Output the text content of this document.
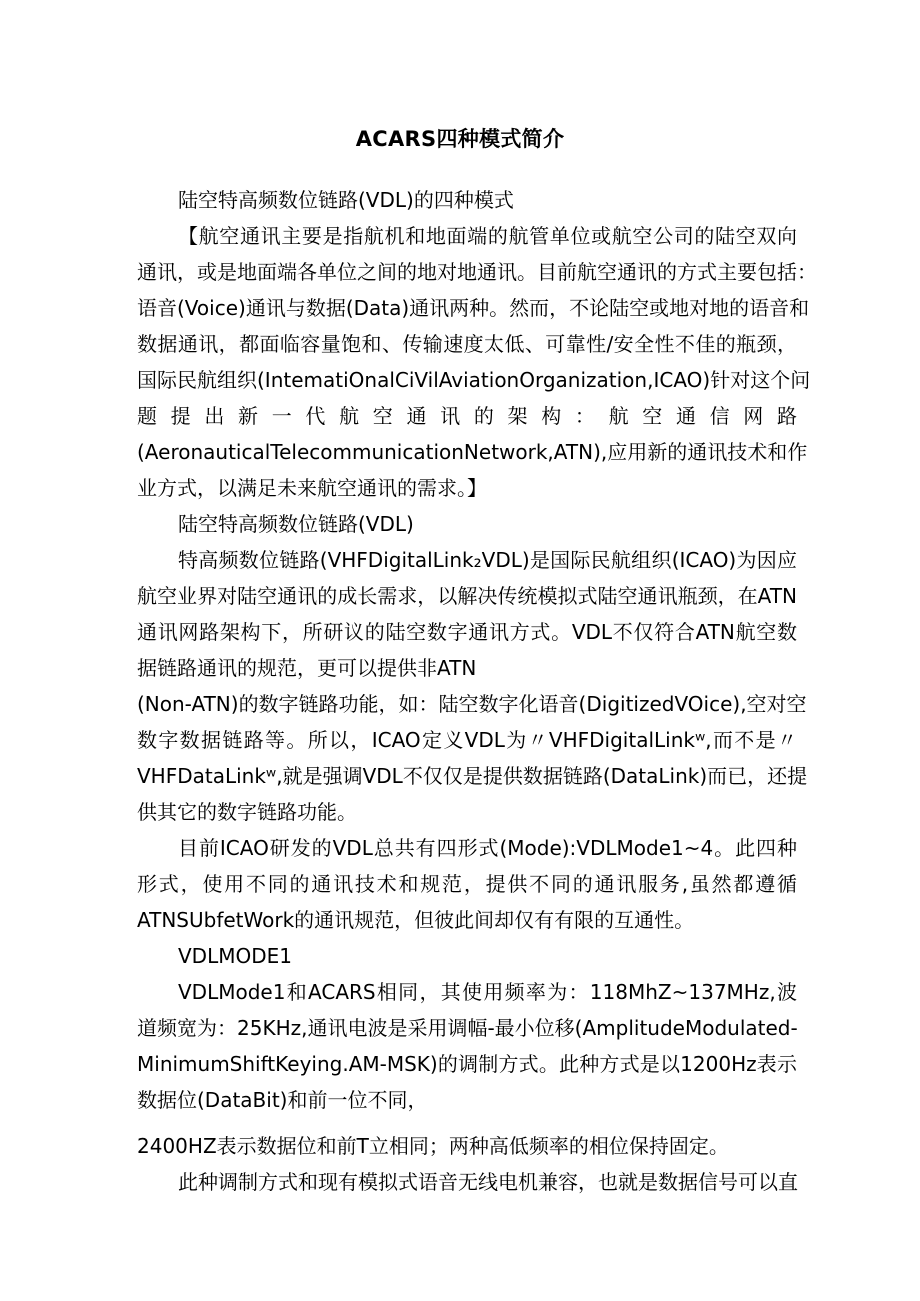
ACARS四种模式简介
陆空特高频数位链路(VDL)的四种模式
【航空通讯主要是指航机和地面端的航管单位或航空公司的陆空双向
通讯，或是地面端各单位之间的地对地通讯。目前航空通讯的方式主要包括：
语音(Voice)通讯与数据(Data)通讯两种。然而，不论陆空或地对地的语音和
数据通讯，都面临容量饱和、传输速度太低、可靠性/安全性不佳的瓶颈，
国际民航组织(IntematiOnalCiVilAviationOrganization,ICAO)针对这个问
题 提 出 新 一 代 航 空 通 讯 的 架 构 ： 航 空 通 信 网 路
(AeronauticalTelecommunicationNetwork,ATN),应用新的通讯技术和作
业方式，以满足未来航空通讯的需求。】
陆空特高频数位链路(VDL)
特高频数位链路(VHFDigitalLink₂VDL)是国际民航组织(ICAO)为因应
航空业界对陆空通讯的成长需求，以解决传统模拟式陆空通讯瓶颈，在ATN
通讯网路架构下，所研议的陆空数字通讯方式。VDL不仅符合ATN航空数
据链路通讯的规范，更可以提供非ATN
(Non-ATN)的数字链路功能，如：陆空数字化语音(DigitizedVOice),空对空
数字数据链路等。所以，ICAO定义VDL为〃VHFDigitalLinkʷ,而不是〃
VHFDataLinkʷ,就是强调VDL不仅仅是提供数据链路(DataLink)而已，还提
供其它的数字链路功能。
目前ICAO研发的VDL总共有四形式(Mode):VDLMode1~4。此四种
形式，使用不同的通讯技术和规范，提供不同的通讯服务,虽然都遵循
ATNSUbfetWork的通讯规范，但彼此间却仅有有限的互通性。
VDLMODE1
VDLMode1和ACARS相同，其使用频率为：118MhZ~137MHz,波
道频宽为：25KHz,通讯电波是采用调幅-最小位移(AmplitudeModulated-
MinimumShiftKeying.AM-MSK)的调制方式。此种方式是以1200Hz表示
数据位(DataBit)和前一位不同，
2400HZ表示数据位和前T立相同；两种高低频率的相位保持固定。
此种调制方式和现有模拟式语音无线电机兼容，也就是数据信号可以直
